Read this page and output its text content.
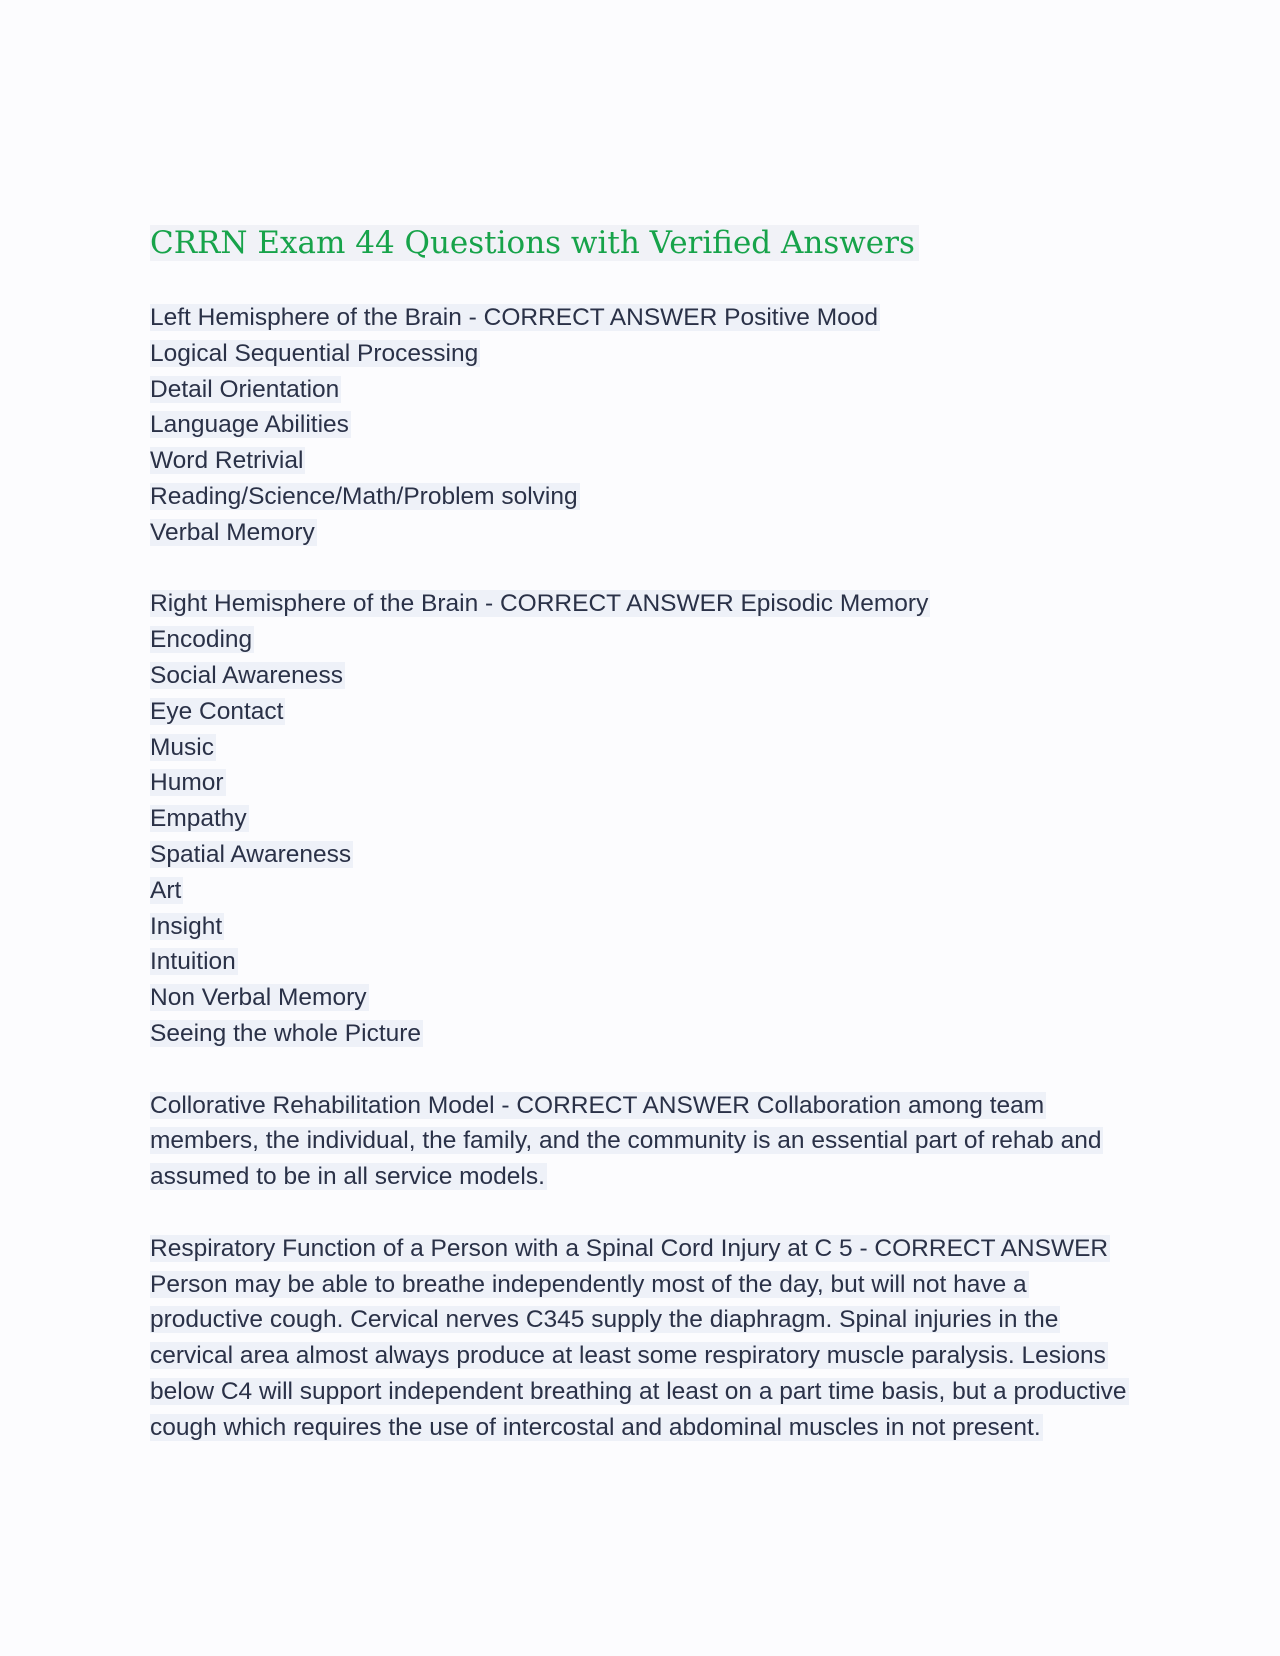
CRRN Exam 44 Questions with Verified Answers
Left Hemisphere of the Brain - CORRECT ANSWER Positive Mood
Logical Sequential Processing
Detail Orientation
Language Abilities
Word Retrivial
Reading/Science/Math/Problem solving
Verbal Memory
Right Hemisphere of the Brain - CORRECT ANSWER Episodic Memory
Encoding
Social Awareness
Eye Contact
Music
Humor
Empathy
Spatial Awareness
Art
Insight
Intuition
Non Verbal Memory
Seeing the whole Picture

Collorative Rehabilitation Model - CORRECT ANSWER Collaboration among team members, the individual, the family, and the community is an essential part of rehab and assumed to be in all service models.

Respiratory Function of a Person with a Spinal Cord Injury at C 5 - CORRECT ANSWER Person may be able to breathe independently most of the day, but will not have a productive cough. Cervical nerves C345 supply the diaphragm. Spinal injuries in the cervical area almost always produce at least some respiratory muscle paralysis. Lesions below C4 will support independent breathing at least on a part time basis, but a productive cough which requires the use of intercostal and abdominal muscles in not present.
